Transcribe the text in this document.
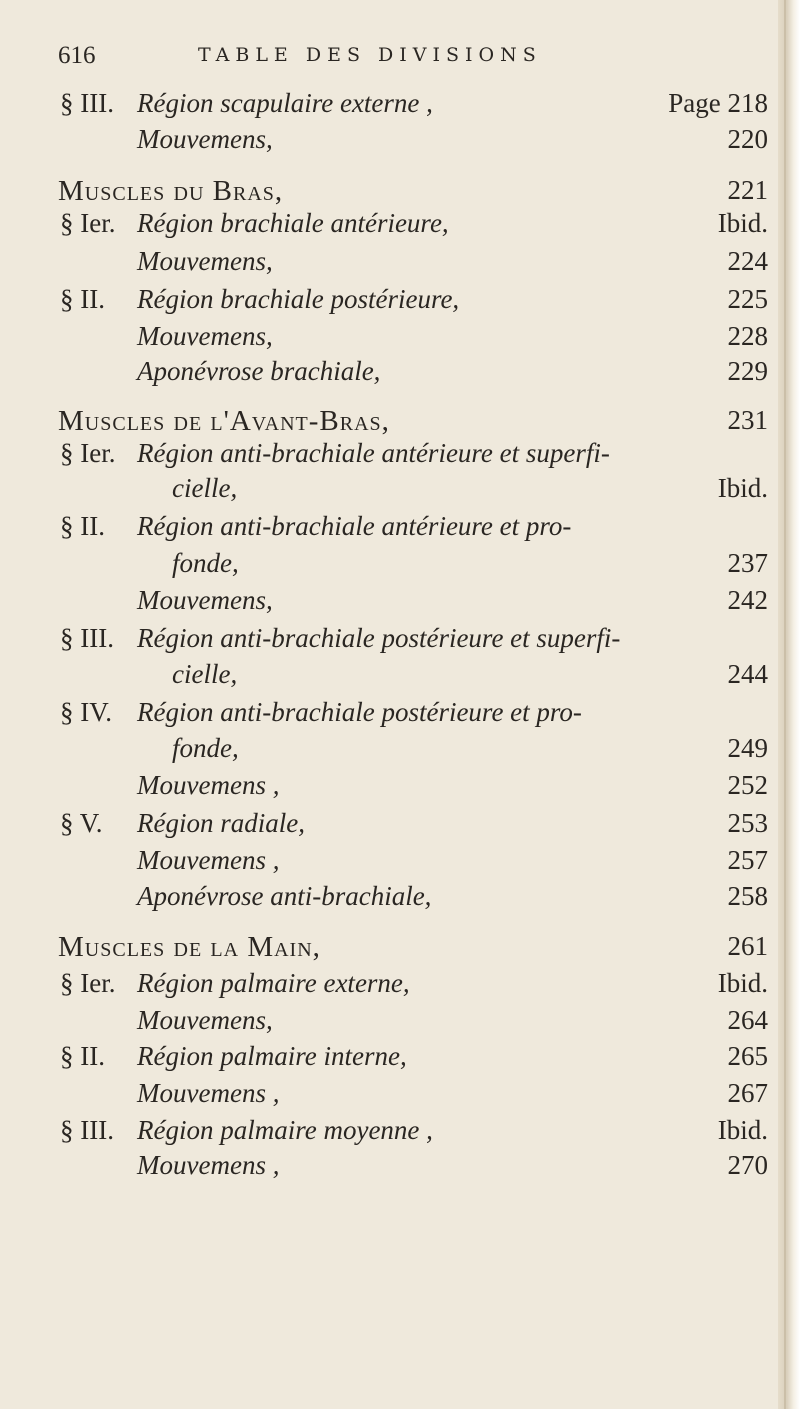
616	TABLE DES DIVISIONS
§ III. Région scapulaire externe ,	Page 218
Mouvemens,	220
Muscles du Bras,	221
§ Ier. Région brachiale antérieure,	Ibid.
Mouvemens,	224
§ II. Région brachiale postérieure,	225
Mouvemens,	228
Aponévrose brachiale,	229
Muscles de l'Avant-Bras,	231
§ Ier. Région anti-brachiale antérieure et superfi-
cielle,	Ibid.
§ II. Région anti-brachiale antérieure et pro-
fonde,	237
Mouvemens,	242
§ III. Région anti-brachiale postérieure et superfi-
cielle,	244
§ IV. Région anti-brachiale postérieure et pro-
fonde,	249
Mouvemens ,	252
§ V. Région radiale,	253
Mouvemens ,	257
Aponévrose anti-brachiale,	258
Muscles de la Main,	261
§ Ier. Région palmaire externe,	Ibid.
Mouvemens,	264
§ II. Région palmaire interne,	265
Mouvemens ,	267
§ III. Région palmaire moyenne ,	Ibid.
Mouvemens ,	270
